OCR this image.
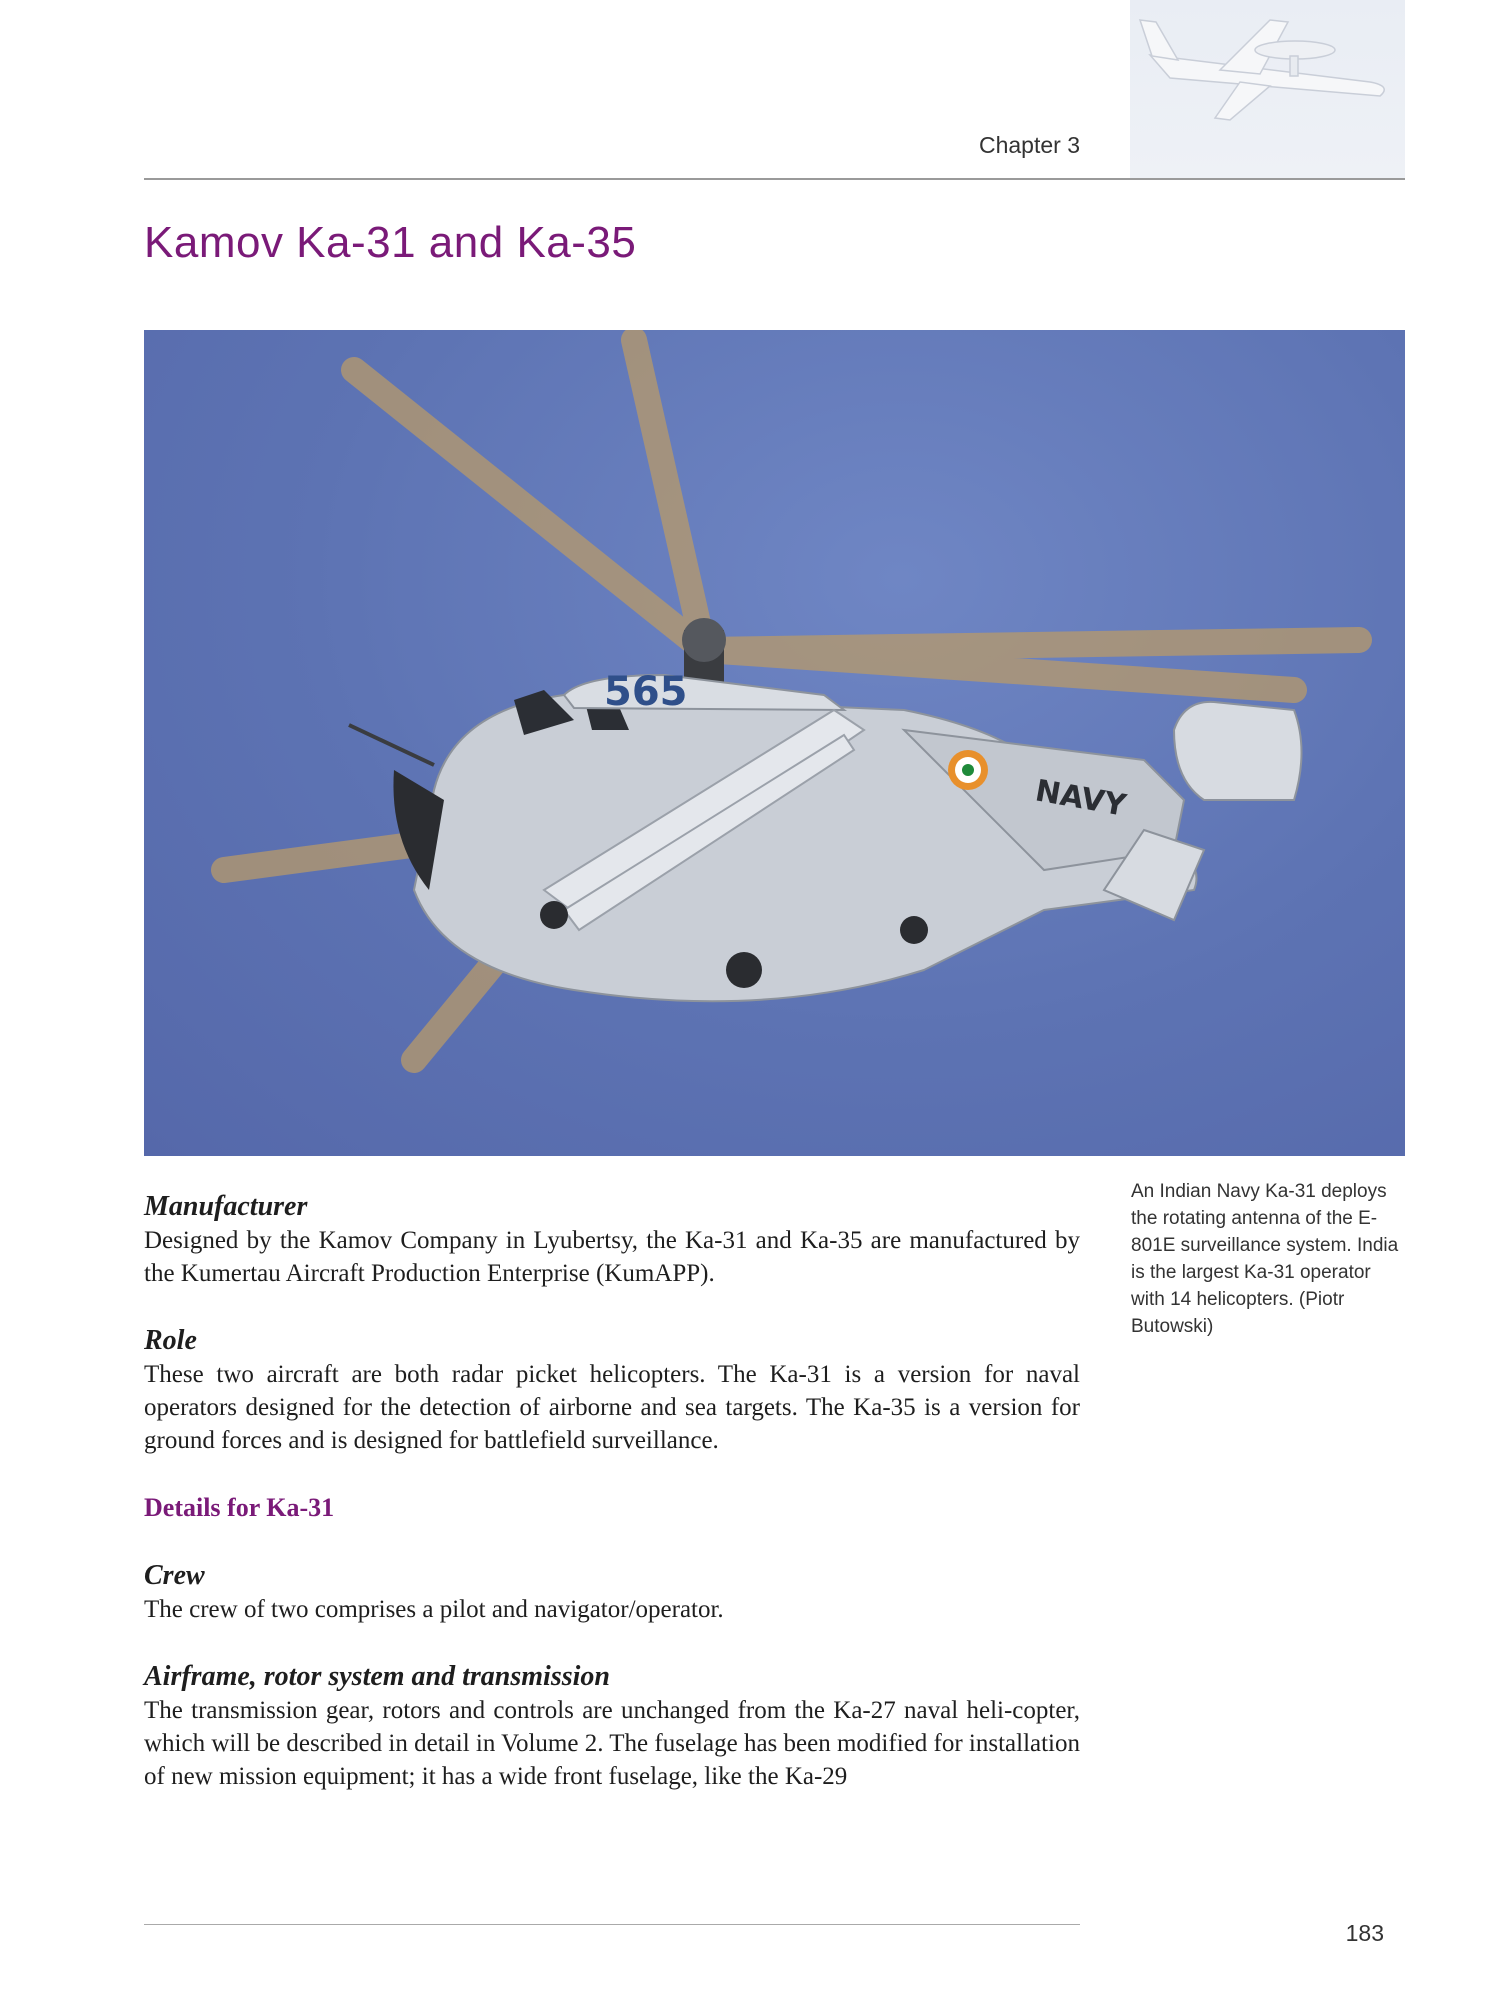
Chapter 3
Kamov Ka-31 and Ka-35
565
NAVY
An Indian Navy Ka-31 deploys the rotating antenna of the E-801E surveillance system. India is the largest Ka-31 operator with 14 helicopters. (Piotr Butowski)
Manufacturer

Designed by the Kamov Company in Lyubertsy, the Ka-31 and Ka-35 are manufactured by the Kumertau Aircraft Production Enterprise (KumAPP).

Role

These two aircraft are both radar picket helicopters. The Ka-31 is a version for naval operators designed for the detection of airborne and sea targets. The Ka-35 is a version for ground forces and is designed for battlefield surveillance.

Details for Ka-31
Crew

The crew of two comprises a pilot and navigator/operator.

Airframe, rotor system and transmission

The transmission gear, rotors and controls are unchanged from the Ka-27 naval heli-copter, which will be described in detail in Volume 2. The fuselage has been modified for installation of new mission equipment; it has a wide front fuselage, like the Ka-29

183
